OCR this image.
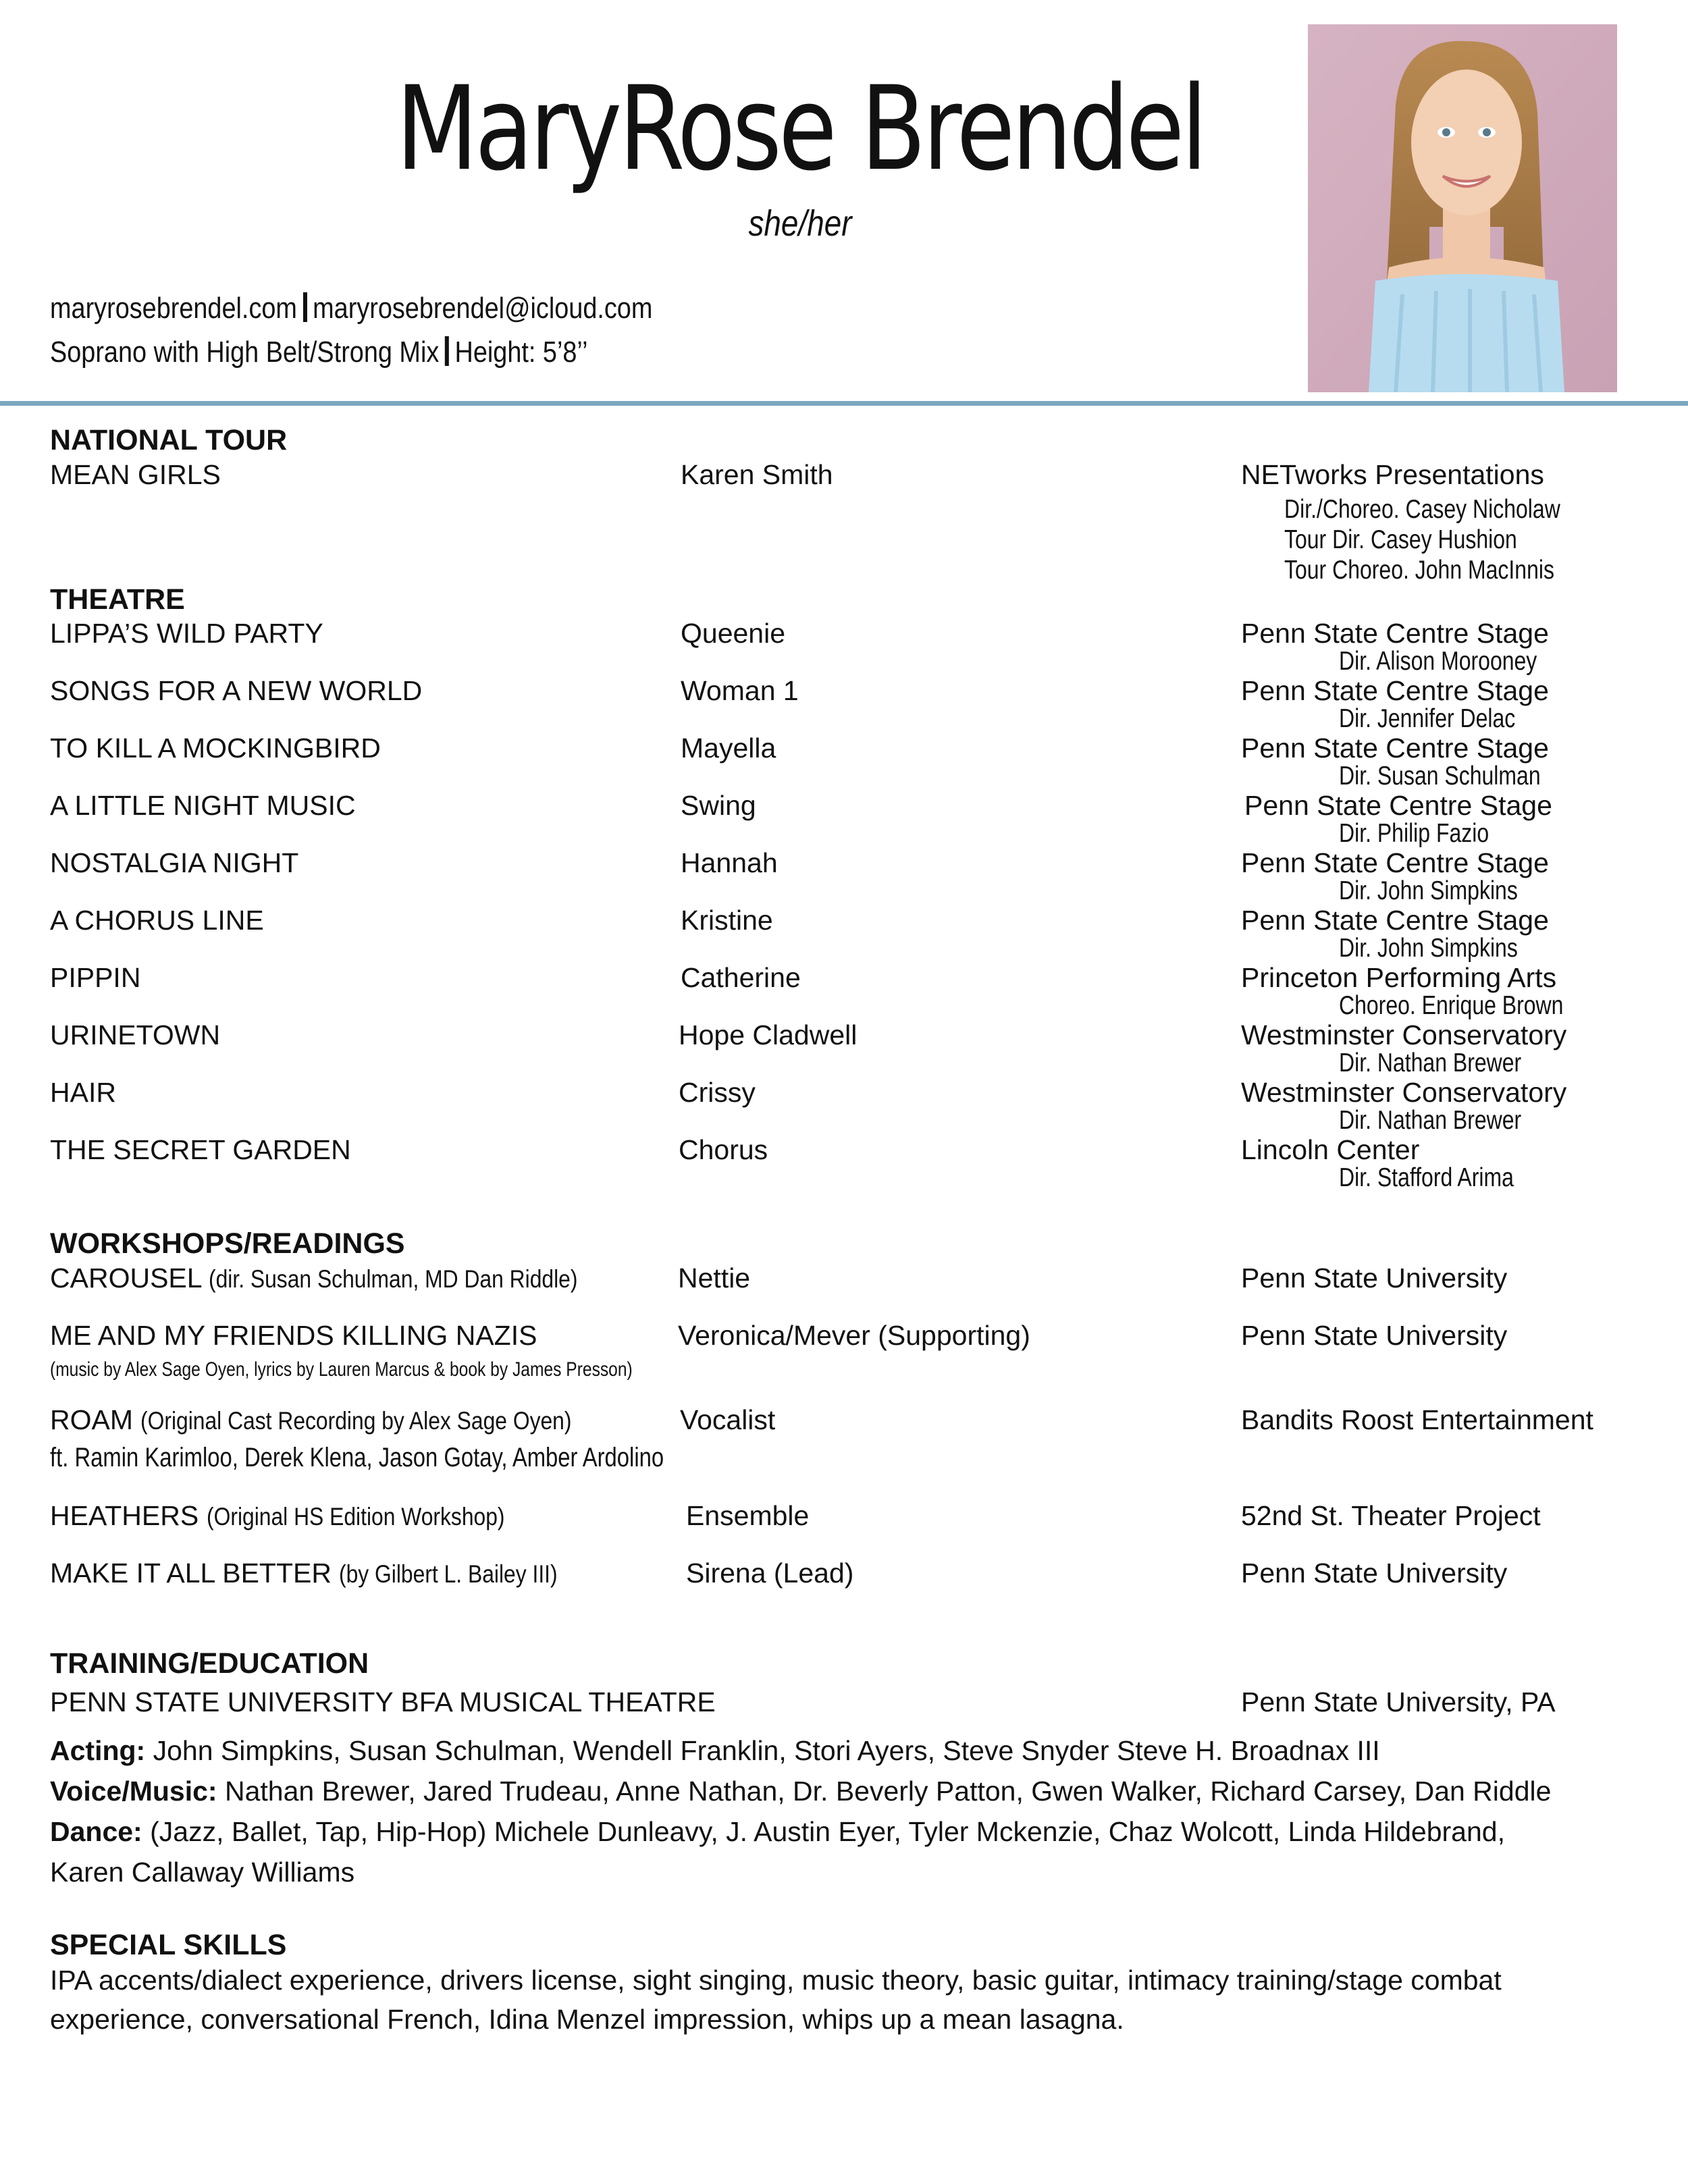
MaryRose Brendel
she/her
maryrosebrendel.com maryrosebrendel@icloud.com
Soprano with High Belt/Strong Mix Height: 5’8’’
NATIONAL TOUR
MEAN GIRLS	Karen Smith	NETworks Presentations
Dir./Choreo. Casey Nicholaw
Tour Dir. Casey Hushion
Tour Choreo. John MacInnis
THEATRE
LIPPA’S WILD PARTY	Queenie	Penn State Centre Stage
Dir. Alison Morooney
SONGS FOR A NEW WORLD	Woman 1	Penn State Centre Stage
Dir. Jennifer Delac
TO KILL A MOCKINGBIRD	Mayella	Penn State Centre Stage
Dir. Susan Schulman
A LITTLE NIGHT MUSIC	Swing	Penn State Centre Stage
Dir. Philip Fazio
NOSTALGIA NIGHT	Hannah	Penn State Centre Stage
Dir. John Simpkins
A CHORUS LINE	Kristine	Penn State Centre Stage
Dir. John Simpkins
PIPPIN	Catherine	Princeton Performing Arts
Choreo. Enrique Brown
URINETOWN	Hope Cladwell	Westminster Conservatory
Dir. Nathan Brewer
HAIR	Crissy	Westminster Conservatory
Dir. Nathan Brewer
THE SECRET GARDEN	Chorus	Lincoln Center
Dir. Stafford Arima
WORKSHOPS/READINGS
CAROUSEL (dir. Susan Schulman, MD Dan Riddle)	Nettie	Penn State University
ME AND MY FRIENDS KILLING NAZIS	Veronica/Mever (Supporting)	Penn State University
(music by Alex Sage Oyen, lyrics by Lauren Marcus & book by James Presson)
ROAM (Original Cast Recording by Alex Sage Oyen)	Vocalist	Bandits Roost Entertainment
ft. Ramin Karimloo, Derek Klena, Jason Gotay, Amber Ardolino
HEATHERS (Original HS Edition Workshop)	Ensemble	52nd St. Theater Project
MAKE IT ALL BETTER (by Gilbert L. Bailey III)	Sirena (Lead)	Penn State University
TRAINING/EDUCATION
PENN STATE UNIVERSITY BFA MUSICAL THEATRE	Penn State University, PA
Acting: John Simpkins, Susan Schulman, Wendell Franklin, Stori Ayers, Steve Snyder Steve H. Broadnax III
Voice/Music: Nathan Brewer, Jared Trudeau, Anne Nathan, Dr. Beverly Patton, Gwen Walker, Richard Carsey, Dan Riddle
Dance: (Jazz, Ballet, Tap, Hip-Hop) Michele Dunleavy, J. Austin Eyer, Tyler Mckenzie, Chaz Wolcott, Linda Hildebrand,
Karen Callaway Williams
SPECIAL SKILLS
IPA accents/dialect experience, drivers license, sight singing, music theory, basic guitar, intimacy training/stage combat
experience, conversational French, Idina Menzel impression, whips up a mean lasagna.
